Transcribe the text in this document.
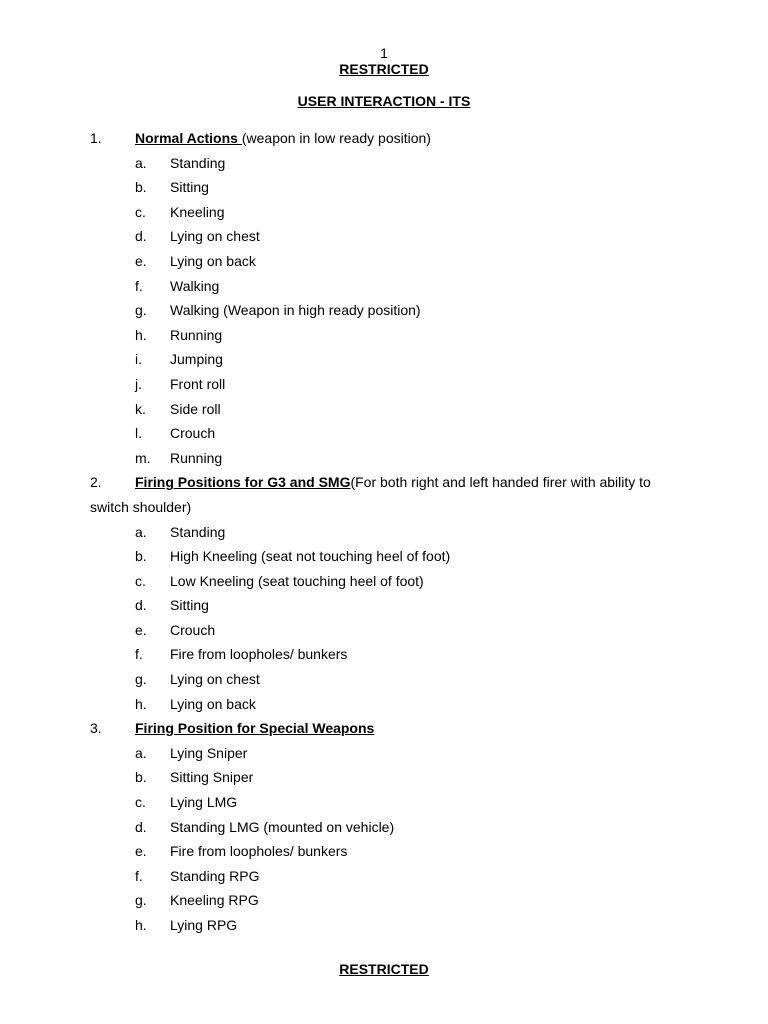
1
RESTRICTED
USER INTERACTION - ITS
1. Normal Actions (weapon in low ready position)
a. Standing
b. Sitting
c. Kneeling
d. Lying on chest
e. Lying on back
f. Walking
g. Walking (Weapon in high ready position)
h. Running
i. Jumping
j. Front roll
k. Side roll
l. Crouch
m. Running
2. Firing Positions for G3 and SMG(For both right and left handed firer with ability to switch shoulder)
a. Standing
b. High Kneeling (seat not touching heel of foot)
c. Low Kneeling (seat touching heel of foot)
d. Sitting
e. Crouch
f. Fire from loopholes/ bunkers
g. Lying on chest
h. Lying on back
3. Firing Position for Special Weapons
a. Lying Sniper
b. Sitting Sniper
c. Lying LMG
d. Standing LMG (mounted on vehicle)
e. Fire from loopholes/ bunkers
f. Standing RPG
g. Kneeling RPG
h. Lying RPG
RESTRICTED
